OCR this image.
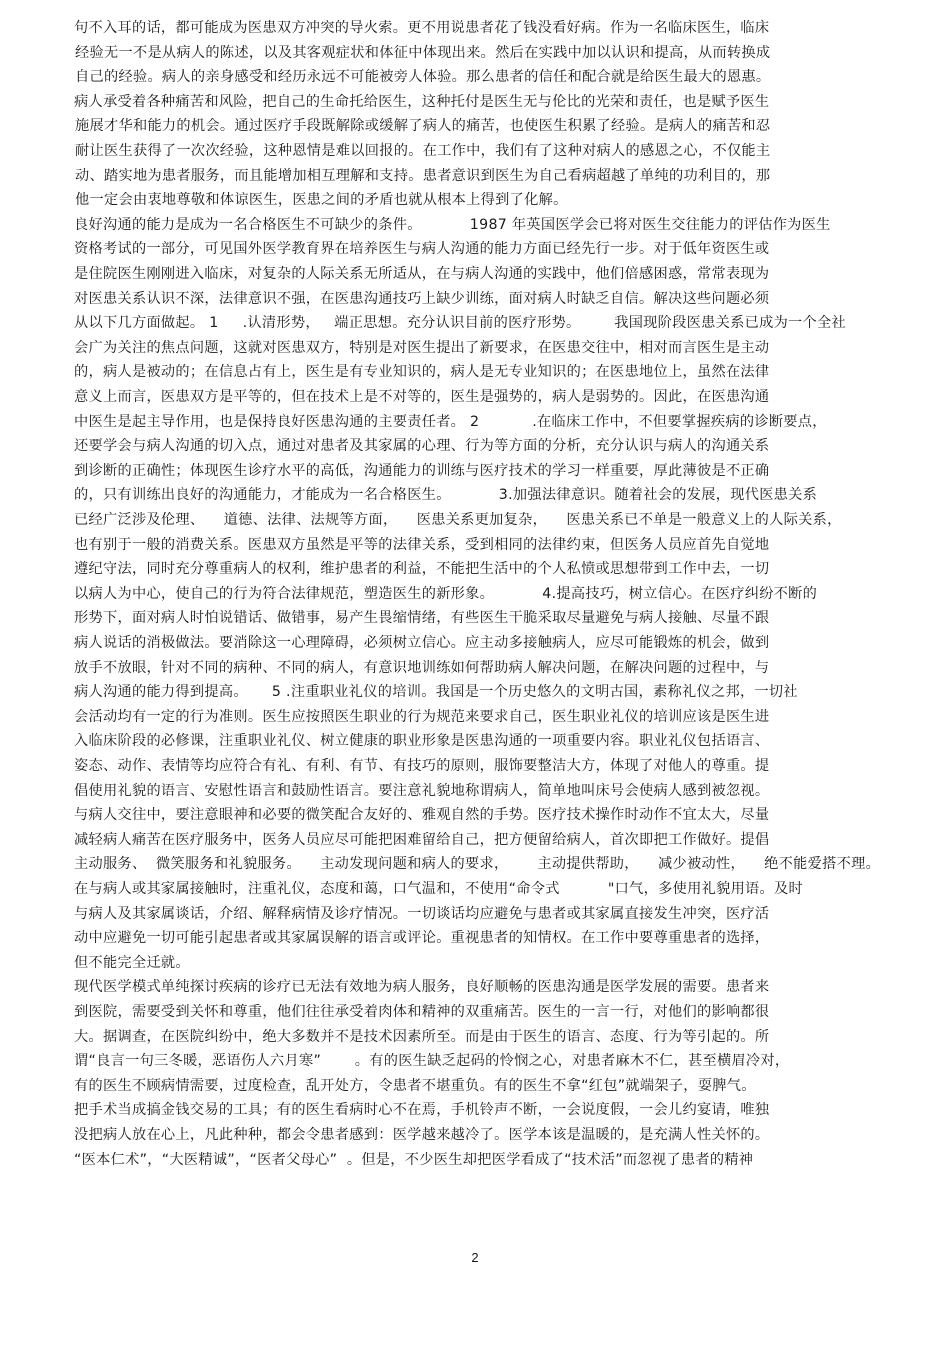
句不入耳的话，都可能成为医患双方冲突的导火索。更不用说患者花了钱没看好病。作为一名临床医生，临床
经验无一不是从病人的陈述，以及其客观症状和体征中体现出来。然后在实践中加以认识和提高，从而转换成
自己的经验。病人的亲身感受和经历永远不可能被旁人体验。那么患者的信任和配合就是给医生最大的恩惠。
病人承受着各种痛苦和风险，把自己的生命托给医生，这种托付是医生无与伦比的光荣和责任，也是赋予医生
施展才华和能力的机会。通过医疗手段既解除或缓解了病人的痛苦，也使医生积累了经验。是病人的痛苦和忍
耐让医生获得了一次次经验，这种恩情是难以回报的。在工作中，我们有了这种对病人的感恩之心，不仅能主
动、踏实地为患者服务，而且能增加相互理解和支持。患者意识到医生为自己看病超越了单纯的功利目的，那
他一定会由衷地尊敬和体谅医生，医患之间的矛盾也就从根本上得到了化解。
良好沟通的能力是成为一名合格医生不可缺少的条件。          1987 年英国医学会已将对医生交往能力的评估作为医生
资格考试的一部分，可见国外医学教育界在培养医生与病人沟通的能力方面已经先行一步。对于低年资医生或
是住院医生刚刚进入临床，对复杂的人际关系无所适从，在与病人沟通的实践中，他们倍感困惑，常常表现为
对医患关系认识不深，法律意识不强，在医患沟通技巧上缺少训练，面对病人时缺乏自信。解决这些问题必须
从以下几方面做起。 1     .认清形势，   端正思想。充分认识目前的医疗形势。       我国现阶段医患关系已成为一个全社
会广为关注的焦点问题，这就对医患双方，特别是对医生提出了新要求，在医患交往中，相对而言医生是主动
的，病人是被动的；在信息占有上，医生是有专业知识的，病人是无专业知识的；在医患地位上，虽然在法律
意义上而言，医患双方是平等的，但在技术上是不对等的，医生是强势的，病人是弱势的。因此，在医患沟通
中医生是起主导作用，也是保持良好医患沟通的主要责任者。 2           .在临床工作中，不但要掌握疾病的诊断要点，
还要学会与病人沟通的切入点，通过对患者及其家属的心理、行为等方面的分析，充分认识与病人的沟通关系
到诊断的正确性；体现医生诊疗水平的高低，沟通能力的训练与医疗技术的学习一样重要，厚此薄彼是不正确
的，只有训练出良好的沟通能力，才能成为一名合格医生。          3.加强法律意识。随着社会的发展，现代医患关系
已经广泛涉及伦理、    道德、法律、法规等方面，    医患关系更加复杂，    医患关系已不单是一般意义上的人际关系，
也有别于一般的消费关系。医患双方虽然是平等的法律关系，受到相同的法律约束，但医务人员应首先自觉地
遵纪守法，同时充分尊重病人的权利，维护患者的利益，不能把生活中的个人私愤或思想带到工作中去，一切
以病人为中心，使自己的行为符合法律规范，塑造医生的新形象。          4.提高技巧，树立信心。在医疗纠纷不断的
形势下，面对病人时怕说错话、做错事，易产生畏缩情绪，有些医生干脆采取尽量避免与病人接触、尽量不跟
病人说话的消极做法。要消除这一心理障碍，必须树立信心。应主动多接触病人，应尽可能锻炼的机会，做到
放手不放眼，针对不同的病种、不同的病人，有意识地训练如何帮助病人解决问题，在解决问题的过程中，与
病人沟通的能力得到提高。     5 .注重职业礼仪的培训。我国是一个历史悠久的文明古国，素称礼仪之邦，一切社
会活动均有一定的行为准则。医生应按照医生职业的行为规范来要求自己，医生职业礼仪的培训应该是医生进
入临床阶段的必修课，注重职业礼仪、树立健康的职业形象是医患沟通的一项重要内容。职业礼仪包括语言、
姿态、动作、表情等均应符合有礼、有利、有节、有技巧的原则，服饰要整洁大方，体现了对他人的尊重。提
倡使用礼貌的语言、安慰性语言和鼓励性语言。要注意礼貌地称谓病人，简单地叫床号会使病人感到被忽视。
与病人交往中，要注意眼神和必要的微笑配合友好的、雅观自然的手势。医疗技术操作时动作不宜太大，尽量
减轻病人痛苦在医疗服务中，医务人员应尽可能把困难留给自己，把方便留给病人，首次即把工作做好。提倡
主动服务、  微笑服务和礼貌服务。    主动发现问题和病人的要求，      主动提供帮助，    减少被动性，    绝不能爱搭不理。
在与病人或其家属接触时，注重礼仪，态度和蔼，口气温和，不使用“命令式          "口气，多使用礼貌用语。及时
与病人及其家属谈话，介绍、解释病情及诊疗情况。一切谈话均应避免与患者或其家属直接发生冲突，医疗活
动中应避免一切可能引起患者或其家属误解的语言或评论。重视患者的知情权。在工作中要尊重患者的选择，
但不能完全迁就。
现代医学模式单纯探讨疾病的诊疗已无法有效地为病人服务，良好顺畅的医患沟通是医学发展的需要。患者来
到医院，需要受到关怀和尊重，他们往往承受着肉体和精神的双重痛苦。医生的一言一行，对他们的影响都很
大。据调查，在医院纠纷中，绝大多数并不是技术因素所至。而是由于医生的语言、态度、行为等引起的。所
谓“良言一句三冬暖，恶语伤人六月寒”       。有的医生缺乏起码的怜悯之心，对患者麻木不仁，甚至横眉冷对，
有的医生不顾病情需要，过度检查，乱开处方，令患者不堪重负。有的医生不拿“红包”就端架子，耍脾气。
把手术当成搞金钱交易的工具；有的医生看病时心不在焉，手机铃声不断，一会说度假，一会儿约宴请，唯独
没把病人放在心上，凡此种种，都会令患者感到：医学越来越冷了。医学本该是温暖的，是充满人性关怀的。
“医本仁术”，“大医精诚”，“医者父母心”  。但是，不少医生却把医学看成了“技术活”而忽视了患者的精神
2
